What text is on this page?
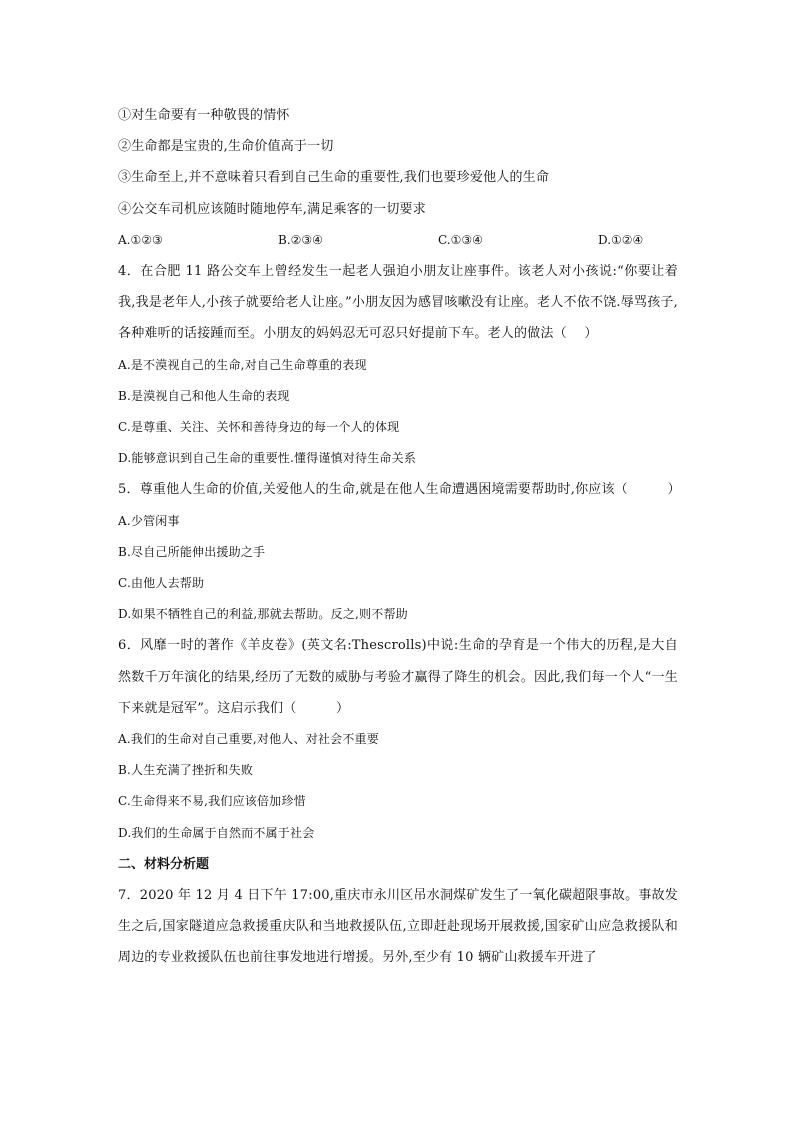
①对生命要有一种敬畏的情怀
②生命都是宝贵的,生命价值高于一切
③生命至上,并不意味着只看到自己生命的重要性,我们也要珍爱他人的生命
④公交车司机应该随时随地停车,满足乘客的一切要求
A.①②③	B.②③④	C.①③④	D.①②④
4．在合肥 11 路公交车上曾经发生一起老人强迫小朋友让座事件。该老人对小孩说:“你要让着我,我是老年人,小孩子就要给老人让座。”小朋友因为感冒咳嗽没有让座。老人不依不饶.辱骂孩子,各种难听的话接踵而至。小朋友的妈妈忍无可忍只好提前下车。老人的做法（　 ）
A.是不漠视自己的生命,对自己生命尊重的表现
B.是漠视自己和他人生命的表现
C.是尊重、关注、关怀和善待身边的每一个人的体现
D.能够意识到自己生命的重要性.懂得谨慎对待生命关系
5．尊重他人生命的价值,关爱他人的生命,就是在他人生命遭遇困境需要帮助时,你应该（　　　）
A.少管闲事
B.尽自己所能伸出援助之手
C.由他人去帮助
D.如果不牺牲自己的利益,那就去帮助。反之,则不帮助
6．风靡一时的著作《羊皮卷》(英文名:Thescrolls)中说:生命的孕育是一个伟大的历程,是大自然数千万年演化的结果,经历了无数的威胁与考验才赢得了降生的机会。因此,我们每一个人“一生下来就是冠军”。这启示我们（　　　）
A.我们的生命对自己重要,对他人、对社会不重要
B.人生充满了挫折和失败
C.生命得来不易,我们应该倍加珍惜
D.我们的生命属于自然而不属于社会
二、材料分析题
7．2020 年 12 月 4 日下午 17:00,重庆市永川区吊水洞煤矿发生了一氧化碳超限事故。事故发生之后,国家隧道应急救援重庆队和当地救援队伍,立即赶赴现场开展救援,国家矿山应急救援队和周边的专业救援队伍也前往事发地进行增援。另外,至少有 10 辆矿山救援车开进了
